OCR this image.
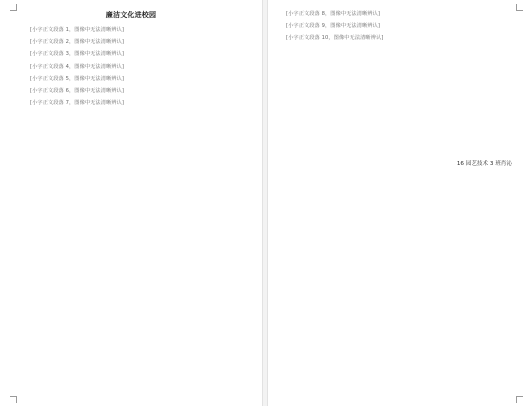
廉洁文化进校园

[小字正文段落 1，图像中无法清晰辨认]

[小字正文段落 2，图像中无法清晰辨认]

[小字正文段落 3，图像中无法清晰辨认]

[小字正文段落 4，图像中无法清晰辨认]

[小字正文段落 5，图像中无法清晰辨认]

[小字正文段落 6，图像中无法清晰辨认]

[小字正文段落 7，图像中无法清晰辨认]

[小字正文段落 8，图像中无法清晰辨认]

[小字正文段落 9，图像中无法清晰辨认]

[小字正文段落 10，图像中无法清晰辨认]

16 园艺技术 3 班肖沁
